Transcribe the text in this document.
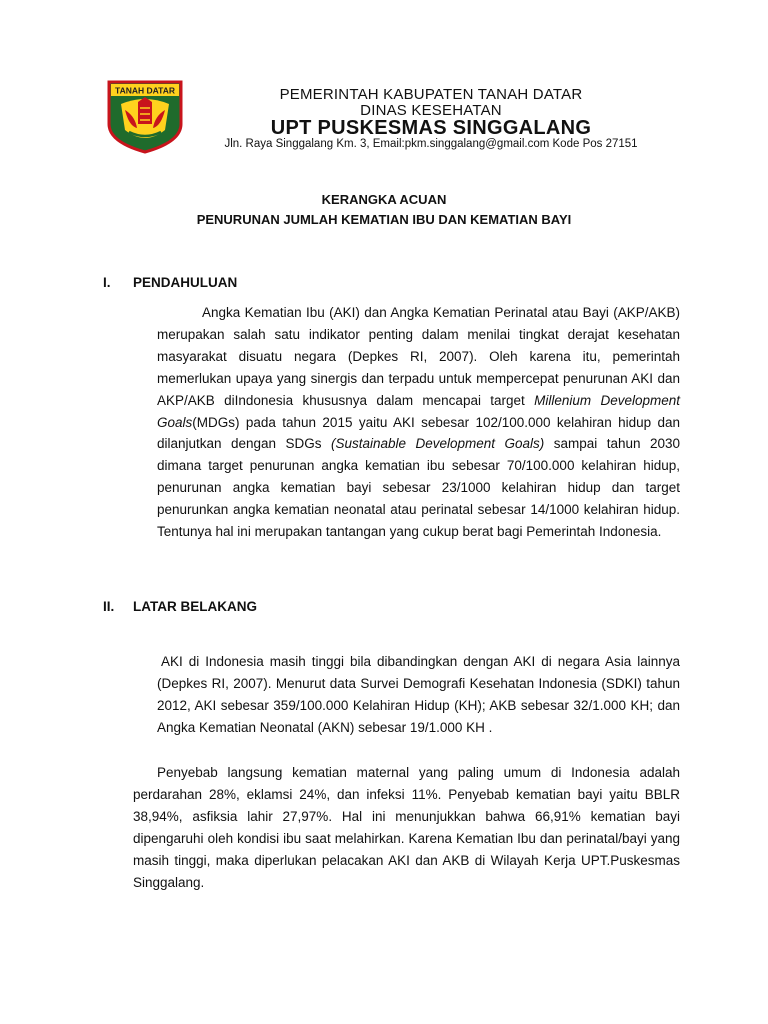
TANAH DATAR	PEMERINTAH KABUPATEN TANAH DATAR
DINAS KESEHATAN
UPT PUSKESMAS SINGGALANG
Jln. Raya Singgalang Km. 3, Email:pkm.singgalang@gmail.com Kode Pos 27151
KERANGKA ACUAN
PENURUNAN JUMLAH KEMATIAN IBU DAN KEMATIAN BAYI
I. PENDAHULUAN

Angka Kematian Ibu (AKI) dan Angka Kematian Perinatal atau Bayi (AKP/AKB) merupakan salah satu indikator penting dalam menilai tingkat derajat kesehatan masyarakat disuatu negara (Depkes RI, 2007). Oleh karena itu, pemerintah memerlukan upaya yang sinergis dan terpadu untuk mempercepat penurunan AKI dan AKP/AKB diIndonesia khususnya dalam mencapai target Millenium Development Goals(MDGs) pada tahun 2015 yaitu AKI sebesar 102/100.000 kelahiran hidup dan dilanjutkan dengan SDGs (Sustainable Development Goals) sampai tahun 2030 dimana target penurunan angka kematian ibu sebesar 70/100.000 kelahiran hidup, penurunan angka kematian bayi sebesar 23/1000 kelahiran hidup dan target penurunkan angka kematian neonatal atau perinatal sebesar 14/1000 kelahiran hidup. Tentunya hal ini merupakan tantangan yang cukup berat bagi Pemerintah Indonesia.

II. LATAR BELAKANG

AKI di Indonesia masih tinggi bila dibandingkan dengan AKI di negara Asia lainnya (Depkes RI, 2007). Menurut data Survei Demografi Kesehatan Indonesia (SDKI) tahun 2012, AKI sebesar 359/100.000 Kelahiran Hidup (KH); AKB sebesar 32/1.000 KH; dan Angka Kematian Neonatal (AKN) sebesar 19/1.000 KH .

Penyebab langsung kematian maternal yang paling umum di Indonesia adalah perdarahan 28%, eklamsi 24%, dan infeksi 11%. Penyebab kematian bayi yaitu BBLR 38,94%, asfiksia lahir 27,97%. Hal ini menunjukkan bahwa 66,91% kematian bayi dipengaruhi oleh kondisi ibu saat melahirkan. Karena Kematian Ibu dan perinatal/bayi yang masih tinggi, maka diperlukan pelacakan AKI dan AKB di Wilayah Kerja UPT.Puskesmas Singgalang.
